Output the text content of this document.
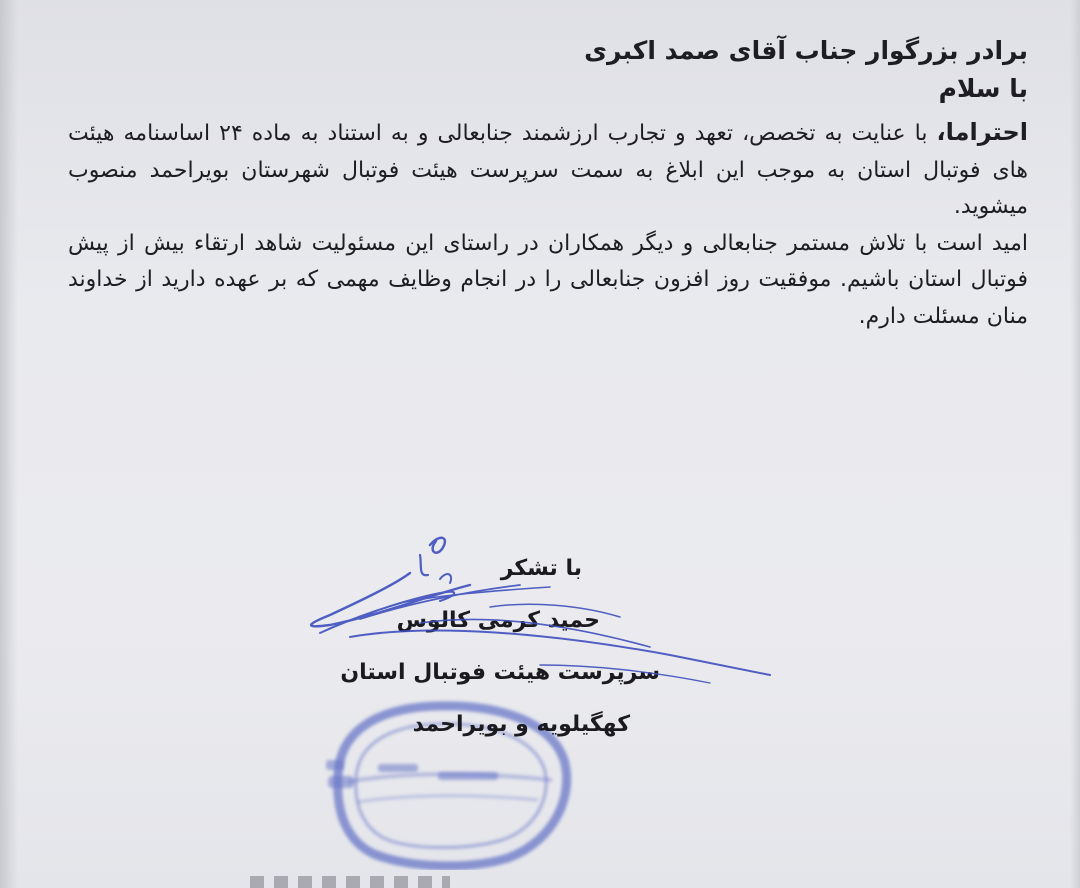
برادر بزرگوار جناب آقای صمد اکبری
با سلام

احتراما، با عنایت به تخصص، تعهد و تجارب ارزشمند جنابعالی و به استناد به ماده ۲۴ اساسنامه هیئت های فوتبال استان به موجب این ابلاغ به سمت سرپرست هیئت فوتبال شهرستان بویراحمد منصوب میشوید.

امید است با تلاش مستمر جنابعالی و دیگر همکاران در راستای این مسئولیت شاهد ارتقاء بیش از پیش فوتبال استان باشیم. موفقیت روز افزون جنابعالی را در انجام وظایف مهمی که بر عهده دارید از خداوند منان مسئلت دارم.

با تشکر
حمید کرمی کالوس
سرپرست هیئت فوتبال استان
کهگیلویه و بویراحمد
